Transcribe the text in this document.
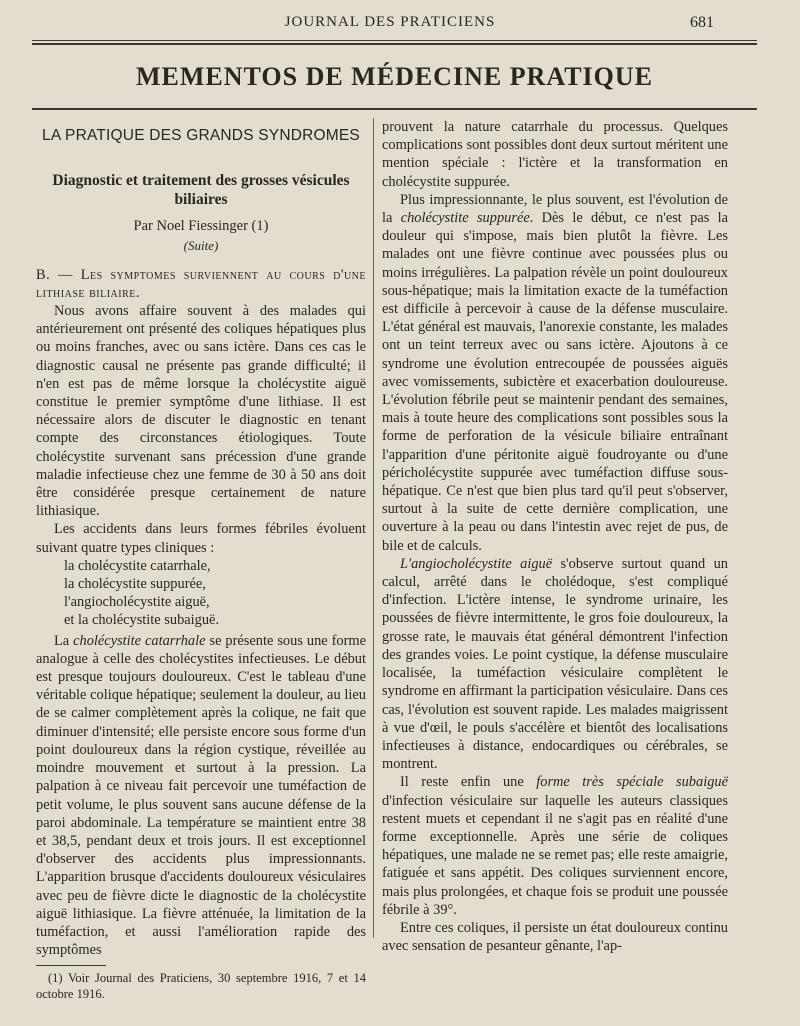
JOURNAL DES PRATICIENS	681
MEMENTOS DE MÉDECINE PRATIQUE
LA PRATIQUE DES GRANDS SYNDROMES
Diagnostic et traitement des grosses vésicules biliaires
Par Noel Fiessinger (1)
(Suite)

B. — Les symptomes surviennent au cours d'une lithiase biliaire.

Nous avons affaire souvent à des malades qui antérieurement ont présenté des coliques hépatiques plus ou moins franches, avec ou sans ictère. Dans ces cas le diagnostic causal ne présente pas grande difficulté; il n'en est pas de même lorsque la cholécystite aiguë constitue le premier symptôme d'une lithiase. Il est nécessaire alors de discuter le diagnostic en tenant compte des circonstances étiologiques. Toute cholécystite survenant sans précession d'une grande maladie infectieuse chez une femme de 30 à 50 ans doit être considérée presque certainement de nature lithiasique.

Les accidents dans leurs formes fébriles évoluent suivant quatre types cliniques :

la cholécystite catarrhale,
la cholécystite suppurée,
l'angiocholécystite aiguë,
et la cholécystite subaiguë.

La cholécystite catarrhale se présente sous une forme analogue à celle des cholécystites infectieuses. Le début est presque toujours douloureux. C'est le tableau d'une véritable colique hépatique; seulement la douleur, au lieu de se calmer complètement après la colique, ne fait que diminuer d'intensité; elle persiste encore sous forme d'un point douloureux dans la région cystique, réveillée au moindre mouvement et surtout à la pression. La palpation à ce niveau fait percevoir une tuméfaction de petit volume, le plus souvent sans aucune défense de la paroi abdominale. La température se maintient entre 38 et 38,5, pendant deux et trois jours. Il est exceptionnel d'observer des accidents plus impressionnants. L'apparition brusque d'accidents douloureux vésiculaires avec peu de fièvre dicte le diagnostic de la cholécystite aiguë lithiasique. La fièvre atténuée, la limitation de la tuméfaction, et aussi l'amélioration rapide des symptômes

(1) Voir Journal des Praticiens, 30 septembre 1916, 7 et 14 octobre 1916.

prouvent la nature catarrhale du processus. Quelques complications sont possibles dont deux surtout méritent une mention spéciale : l'ictère et la transformation en cholécystite suppurée.

Plus impressionnante, le plus souvent, est l'évolution de la cholécystite suppurée. Dès le début, ce n'est pas la douleur qui s'impose, mais bien plutôt la fièvre. Les malades ont une fièvre continue avec poussées plus ou moins irrégulières. La palpation révèle un point douloureux sous-hépatique; mais la limitation exacte de la tuméfaction est difficile à percevoir à cause de la défense musculaire. L'état général est mauvais, l'anorexie constante, les malades ont un teint terreux avec ou sans ictère. Ajoutons à ce syndrome une évolution entrecoupée de poussées aiguës avec vomissements, subictère et exacerbation douloureuse. L'évolution fébrile peut se maintenir pendant des semaines, mais à toute heure des complications sont possibles sous la forme de perforation de la vésicule biliaire entraînant l'apparition d'une péritonite aiguë foudroyante ou d'une péricholécystite suppurée avec tuméfaction diffuse sous-hépatique. Ce n'est que bien plus tard qu'il peut s'observer, surtout à la suite de cette dernière complication, une ouverture à la peau ou dans l'intestin avec rejet de pus, de bile et de calculs.

L'angiocholécystite aiguë s'observe surtout quand un calcul, arrêté dans le cholédoque, s'est compliqué d'infection. L'ictère intense, le syndrome urinaire, les poussées de fièvre intermittente, le gros foie douloureux, la grosse rate, le mauvais état général démontrent l'infection des grandes voies. Le point cystique, la défense musculaire localisée, la tuméfaction vésiculaire complètent le syndrome en affirmant la participation vésiculaire. Dans ces cas, l'évolution est souvent rapide. Les malades maigrissent à vue d'œil, le pouls s'accélère et bientôt des localisations infectieuses à distance, endocardiques ou cérébrales, se montrent.

Il reste enfin une forme très spéciale subaiguë d'infection vésiculaire sur laquelle les auteurs classiques restent muets et cependant il ne s'agit pas en réalité d'une forme exceptionnelle. Après une série de coliques hépatiques, une malade ne se remet pas; elle reste amaigrie, fatiguée et sans appétit. Des coliques surviennent encore, mais plus prolongées, et chaque fois se produit une poussée fébrile à 39°.

Entre ces coliques, il persiste un état douloureux continu avec sensation de pesanteur gênante, l'ap-
